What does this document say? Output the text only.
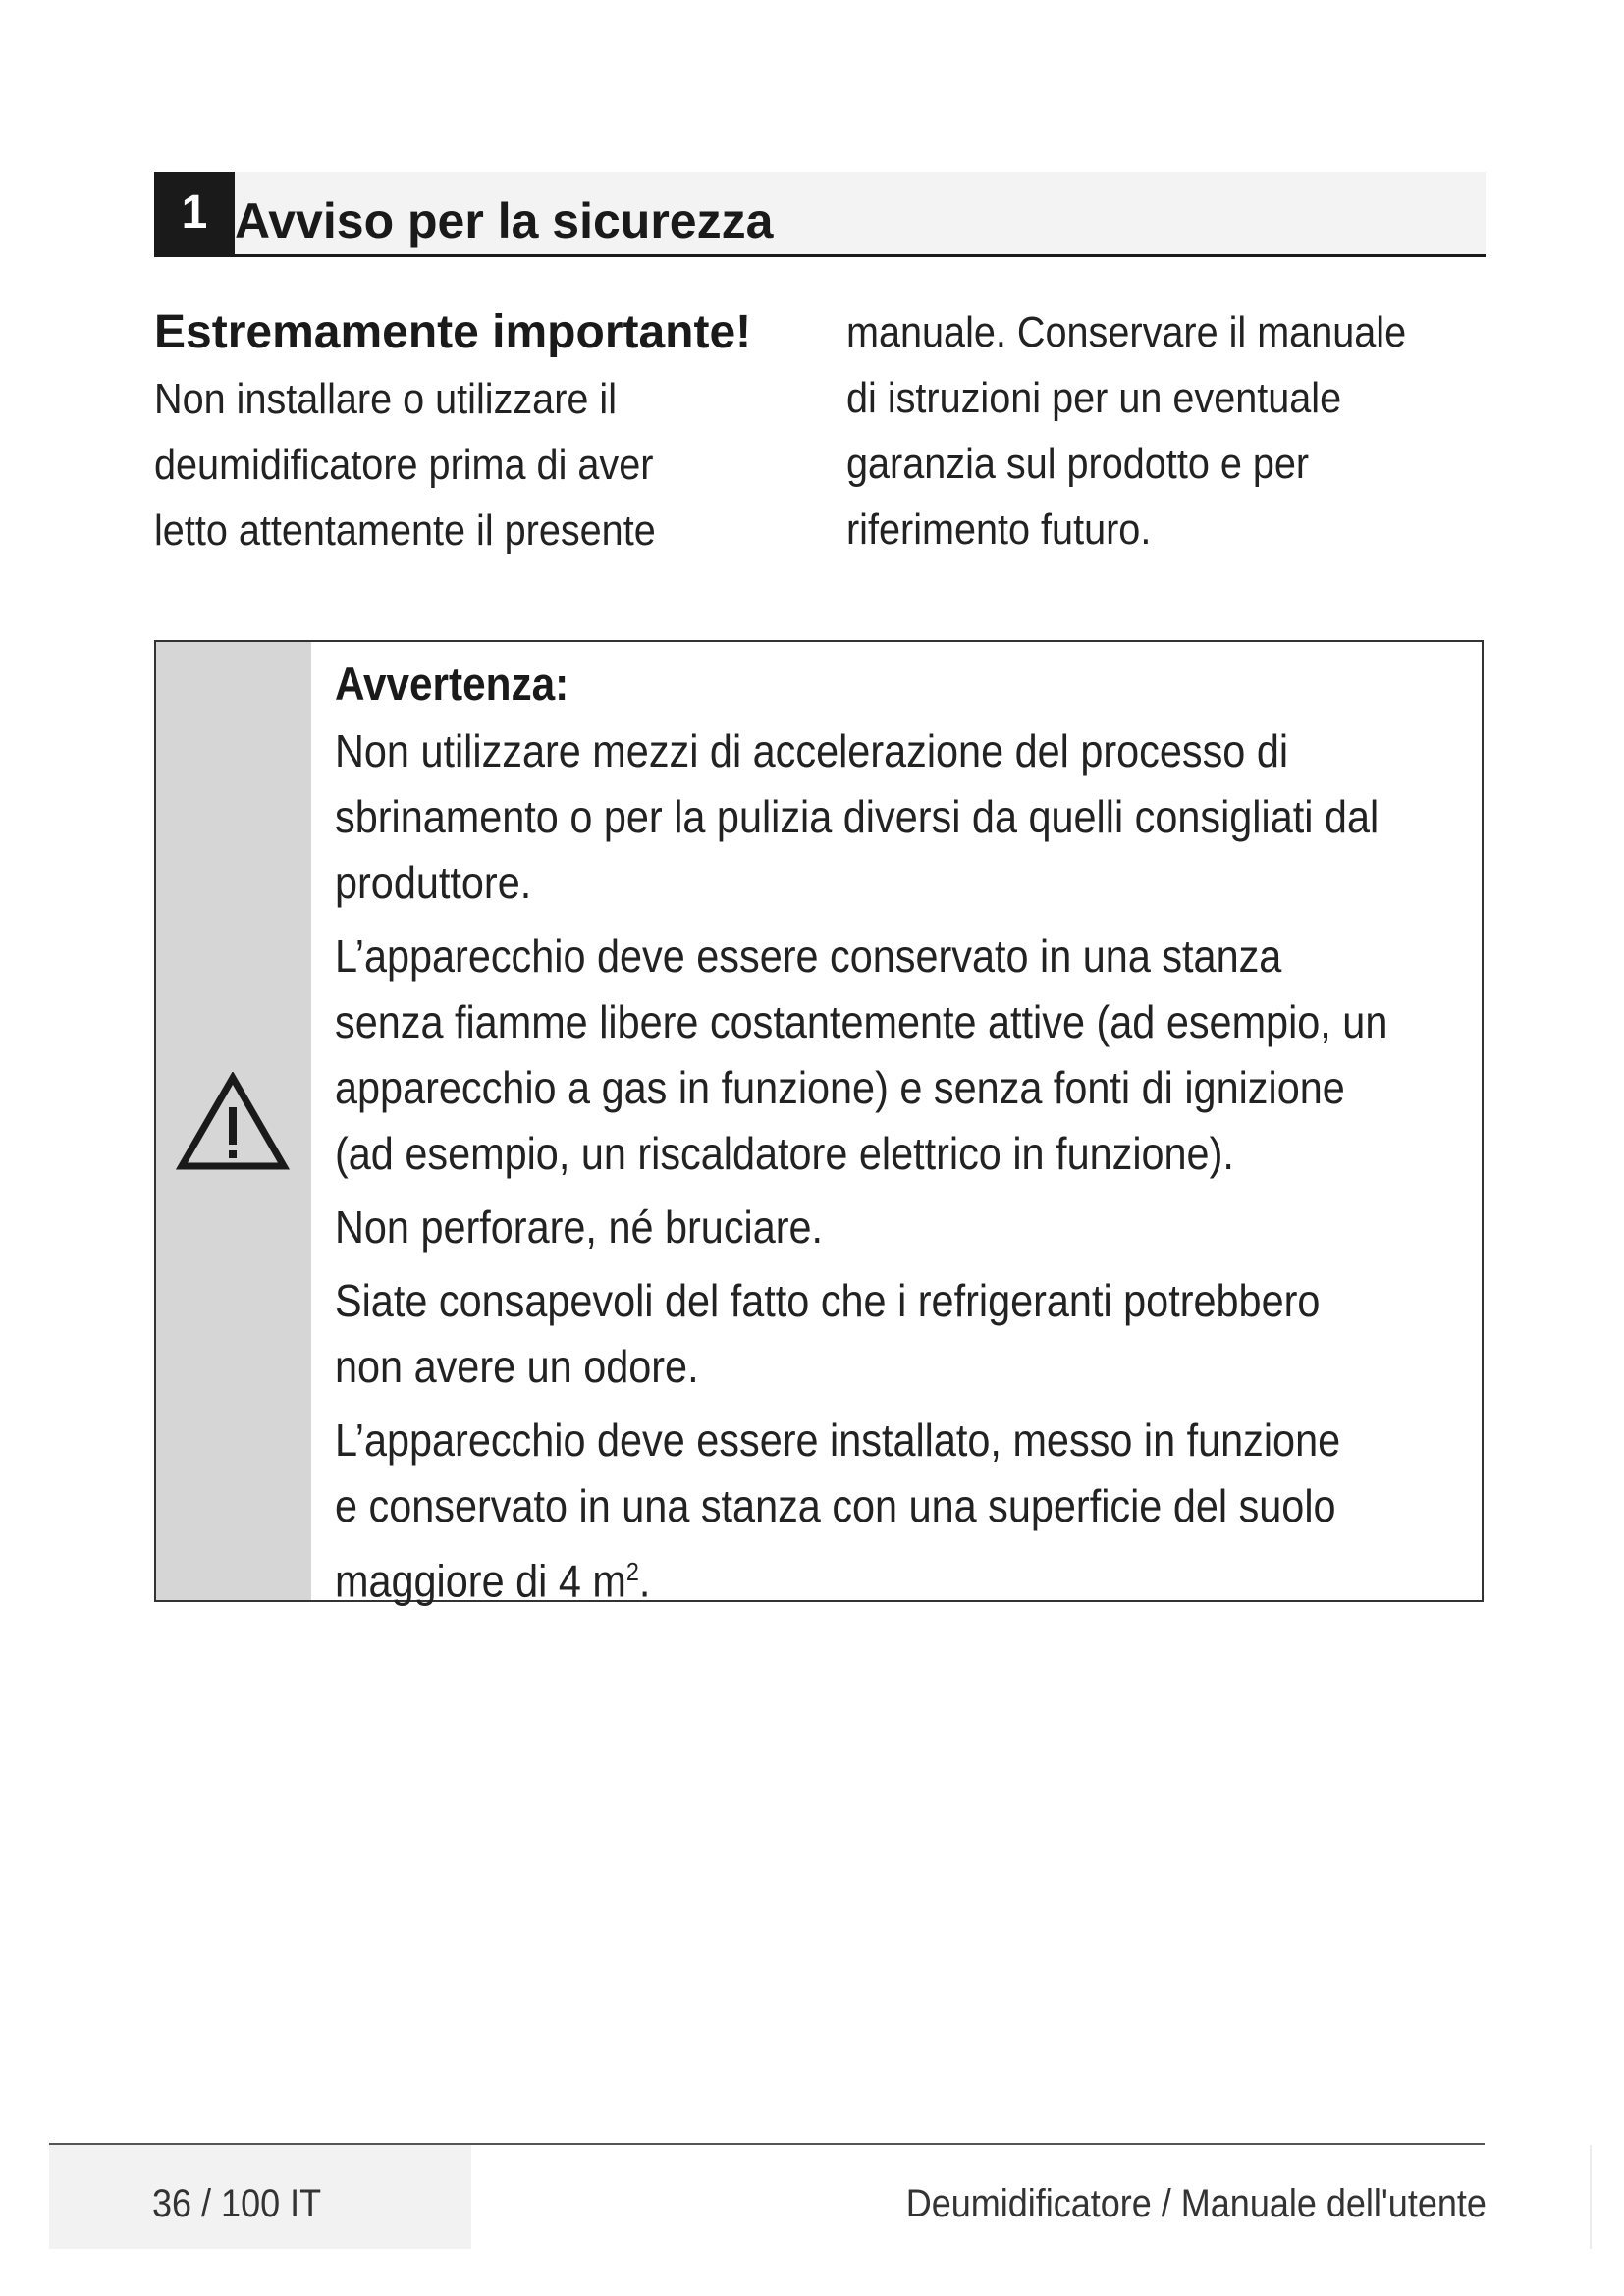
1 Avviso per la sicurezza
Estremamente importante!
Non installare o utilizzare il
deumidificatore prima di aver
letto attentamente il presente
manuale. Conservare il manuale
di istruzioni per un eventuale
garanzia sul prodotto e per
riferimento futuro.
Avvertenza:
Non utilizzare mezzi di accelerazione del processo di
sbrinamento o per la pulizia diversi da quelli consigliati dal
produttore.
L’apparecchio deve essere conservato in una stanza
senza fiamme libere costantemente attive (ad esempio, un
apparecchio a gas in funzione) e senza fonti di ignizione
(ad esempio, un riscaldatore elettrico in funzione).
Non perforare, né bruciare.
Siate consapevoli del fatto che i refrigeranti potrebbero
non avere un odore.
L’apparecchio deve essere installato, messo in funzione
e conservato in una stanza con una superficie del suolo
maggiore di 4 $m^2$.
36 / 100 IT	Deumidificatore / Manuale dell'utente
